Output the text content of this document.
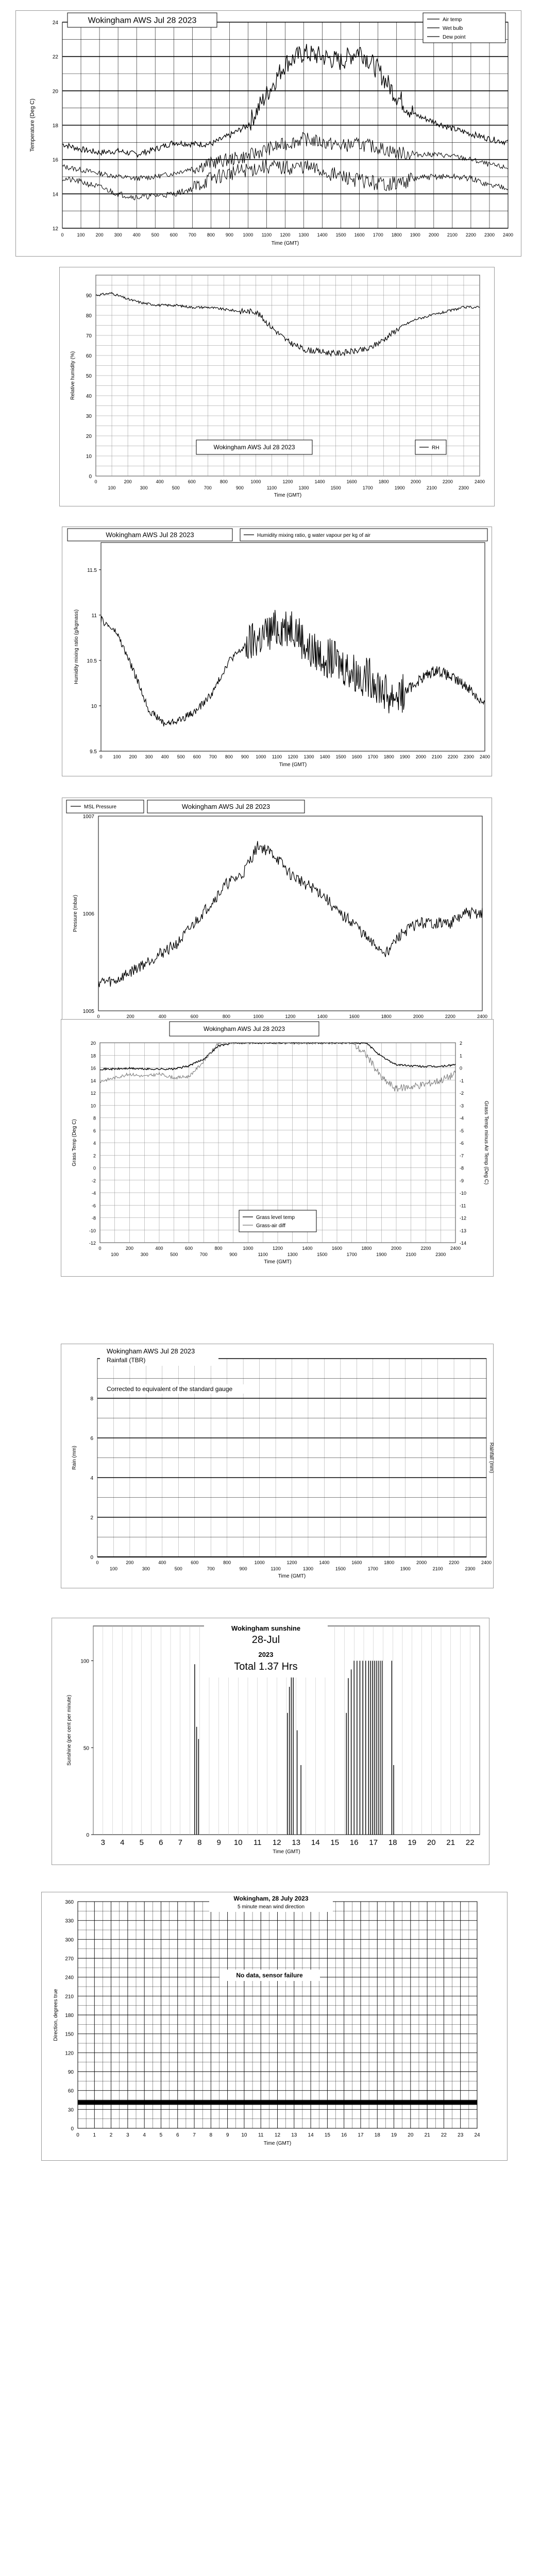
12
14
16
18
20
22
24
0	100 200 300 400 500 600 700 800 900 1000 1100 1200 1300 1400 1500 1600 1700 1800 1900 2000 2100 2200 2300 2400
Time (GMT)
Temperature (Deg C)
Wokingham AWS Jul 28 2023	Air temp
Wet bulb
Dew point
0
10
20
30
40
50
60
70
80
90
0	200	400	600	800	1000	1200	1400	1600	1800	2000	2200	2400
100	300	500	700	900	1100	1300	1500	1700	1900	2100	2300
Time (GMT)
Relative humidity (%)
Wokingham AWS Jul 28 2023	RH
9.5
10
10.5
11
11.5
0 100 200 300 400 500 600 700 800 900 1000 1100 1200 1300 1400 1500 1600 1700 1800 1900 2000 2100 2200 2300 2400
Time (GMT)
Humidity mixing ratio (g/kgmass)
Wokingham AWS Jul 28 2023	Humidity mixing ratio, g water vapour per kg of air
1005
1006
1007
0	200	400	600	800	1000	1200	1400	1600	1800	2000	2200	2400
Pressure (mbar)
MSL Pressure	Wokingham AWS Jul 28 2023
-12
-10
-8
-6
-4
-2
0
2
4
6
8
10
12
14
16
18
20
-14
-13
-12
-11
-10
-9
-8
-7
-6
-5
-4
-3
-2
-1
0
1
2
0	200	400	600	800	1000	1200	1400	1600	1800	2000	2200	2400
100	300	500	700	900	1100	1300	1500	1700	1900	2100	2300
Time (GMT)
Grass Temp (Deg C)	Grass Temp minus Air Temp (Deg C)
Wokingham AWS Jul 28 2023
Grass level temp
Grass-air diff
0
2
4
6
8
0	200	400	600	800	1000	1200	1400	1600	1800	2000	2200	2400
100	300	500	700	900	1100	1300	1500	1700	1900	2100	2300
Time (GMT)
Rain (mm)	Rainfall (mm)
Wokingham AWS Jul 28 2023
Rainfall (TBR)
Corrected to equivalent of the standard gauge
0
50
100
3 4 5 6 7 8 9 10 11 12 13 14 15 16 17 18 19 20 21 22
Time (GMT)
Sunshine (per cent per minute)
Wokingham sunshine
28-Jul
2023
Total 1.37 Hrs
0
30
60
90
120
150
180
210
240
270
300
330
360
0	1	2	3	4	5	6	7	8	9 10 11 12 13 14 15 16 17 18 19 20 21 22 23 24
Time (GMT)
Direction, degrees true
Wokingham, 28 July 2023
5 minute mean wind direction
No data, sensor failure
